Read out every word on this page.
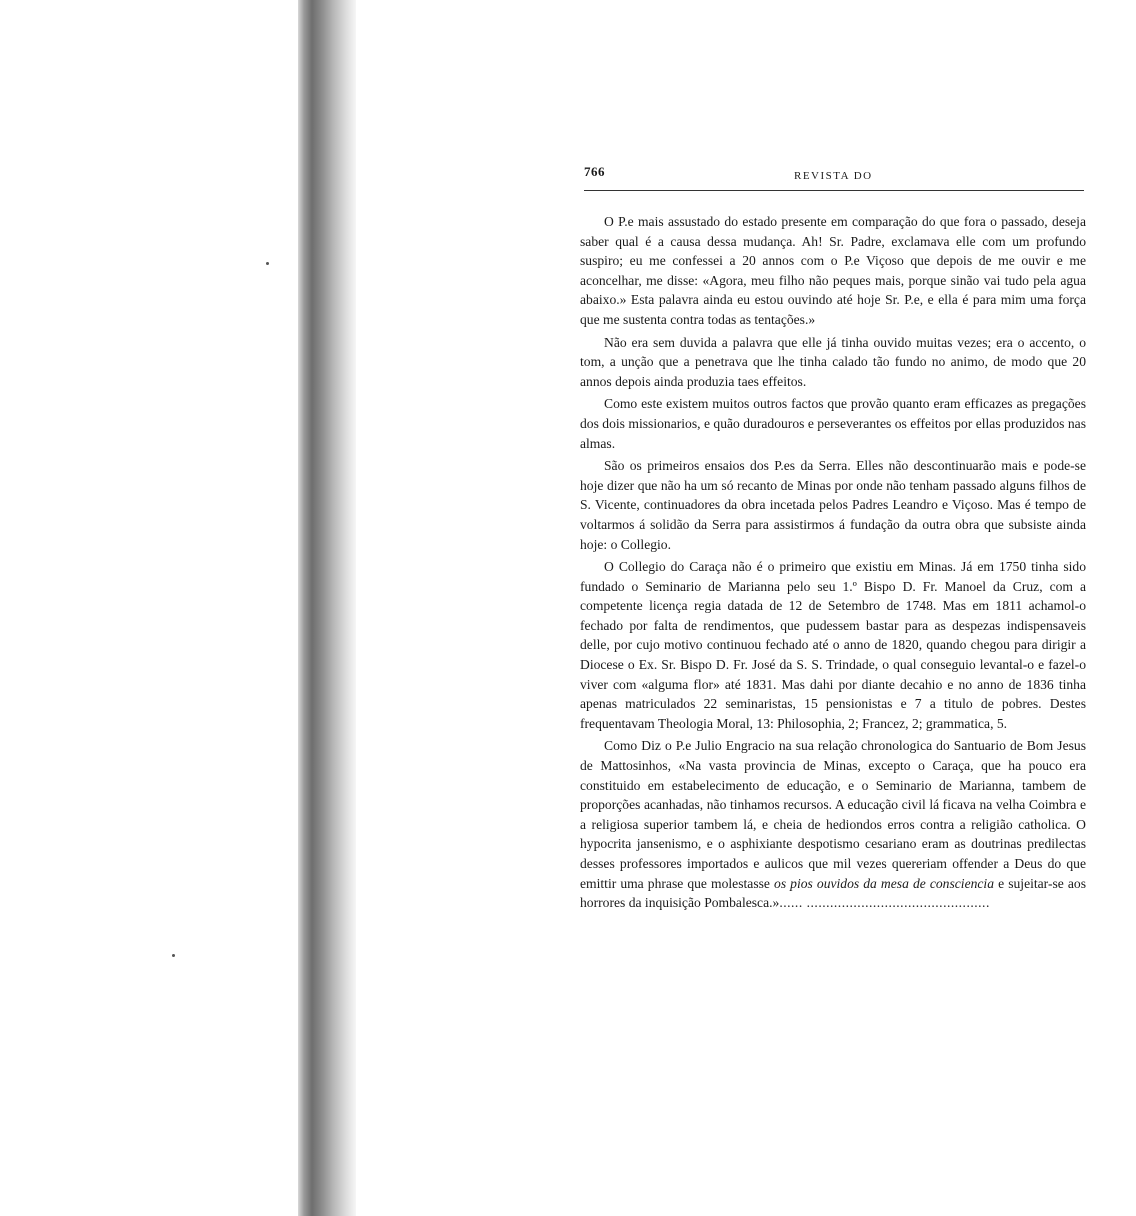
766	REVISTA DO

O P.e mais assustado do estado presente em comparação do que fora o passado, deseja saber qual é a causa dessa mudança. Ah! Sr. Padre, exclamava elle com um profundo suspiro; eu me confessei a 20 annos com o P.e Viçoso que depois de me ouvir e me aconcelhar, me disse: «Agora, meu filho não peques mais, porque sinão vai tudo pela agua abaixo.» Esta palavra ainda eu estou ouvindo até hoje Sr. P.e, e ella é para mim uma força que me sustenta contra todas as tentações.»

Não era sem duvida a palavra que elle já tinha ouvido muitas vezes; era o accento, o tom, a unção que a penetrava que lhe tinha calado tão fundo no animo, de modo que 20 annos depois ainda produzia taes effeitos.

Como este existem muitos outros factos que provão quanto eram efficazes as pregações dos dois missionarios, e quão duradouros e perseverantes os effeitos por ellas produzidos nas almas.

São os primeiros ensaios dos P.es da Serra. Elles não descontinuarão mais e pode-se hoje dizer que não ha um só recanto de Minas por onde não tenham passado alguns filhos de S. Vicente, continuadores da obra incetada pelos Padres Leandro e Viçoso. Mas é tempo de voltarmos á solidão da Serra para assistirmos á fundação da outra obra que subsiste ainda hoje: o Collegio.

O Collegio do Caraça não é o primeiro que existiu em Minas. Já em 1750 tinha sido fundado o Seminario de Marianna pelo seu 1.º Bispo D. Fr. Manoel da Cruz, com a competente licença regia datada de 12 de Setembro de 1748. Mas em 1811 achamol-o fechado por falta de rendimentos, que pudessem bastar para as despezas indispensaveis delle, por cujo motivo continuou fechado até o anno de 1820, quando chegou para dirigir a Diocese o Ex. Sr. Bispo D. Fr. José da S. S. Trindade, o qual conseguio levantal-o e fazel-o viver com «alguma flor» até 1831. Mas dahi por diante decahio e no anno de 1836 tinha apenas matriculados 22 seminaristas, 15 pensionistas e 7 a titulo de pobres. Destes frequentavam Theologia Moral, 13: Philosophia, 2; Francez, 2; grammatica, 5.

Como Diz o P.e Julio Engracio na sua relação chronologica do Santuario de Bom Jesus de Mattosinhos, «Na vasta provincia de Minas, excepto o Caraça, que ha pouco era constituido em estabelecimento de educação, e o Seminario de Marianna, tambem de proporções acanhadas, não tinhamos recursos. A educação civil lá ficava na velha Coimbra e a religiosa superior tambem lá, e cheia de hediondos erros contra a religião catholica. O hypocrita jansenismo, e o asphixiante despotismo cesariano eram as doutrinas predilectas desses professores importados e aulicos que mil vezes quereriam offender a Deus do que emittir uma phrase que molestasse os pios ouvidos da mesa de consciencia e sujeitar-se aos horrores da inquisição Pombalesca.»...... ...............................................
